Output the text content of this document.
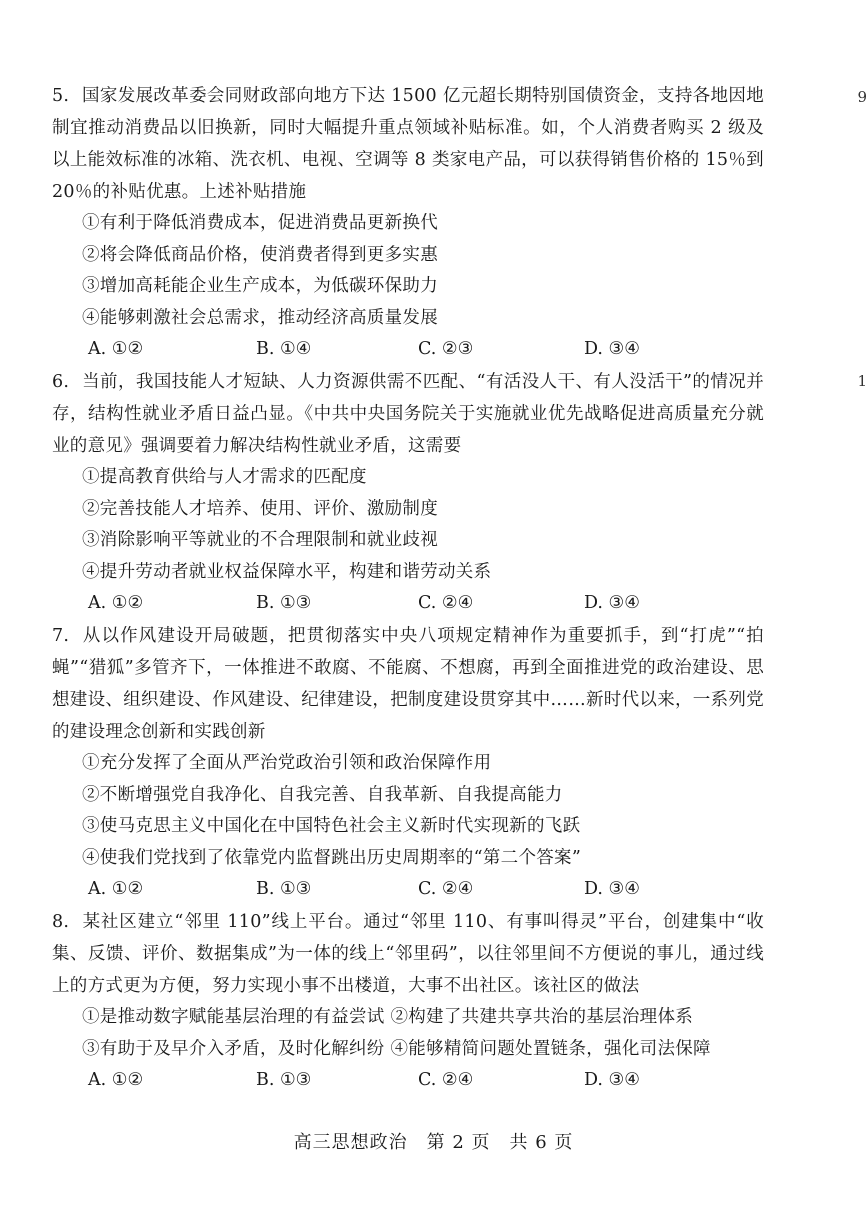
5. 国家发展改革委会同财政部向地方下达 1500 亿元超长期特别国债资金，支持各地因地制宜推动消费品以旧换新，同时大幅提升重点领域补贴标准。如，个人消费者购买 2 级及以上能效标准的冰箱、洗衣机、电视、空调等 8 类家电产品，可以获得销售价格的 15％到 20％的补贴优惠。上述补贴措施

①有利于降低消费成本，促进消费品更新换代

②将会降低商品价格，使消费者得到更多实惠

③增加高耗能企业生产成本，为低碳环保助力

④能够刺激社会总需求，推动经济高质量发展

A. ①②	B. ①④	C. ②③	D. ③④

6. 当前，我国技能人才短缺、人力资源供需不匹配、“有活没人干、有人没活干”的情况并存，结构性就业矛盾日益凸显。《中共中央国务院关于实施就业优先战略促进高质量充分就业的意见》强调要着力解决结构性就业矛盾，这需要

①提高教育供给与人才需求的匹配度

②完善技能人才培养、使用、评价、激励制度

③消除影响平等就业的不合理限制和就业歧视

④提升劳动者就业权益保障水平，构建和谐劳动关系

A. ①②	B. ①③	C. ②④	D. ③④

7. 从以作风建设开局破题，把贯彻落实中央八项规定精神作为重要抓手，到“打虎”“拍蝇”“猎狐”多管齐下，一体推进不敢腐、不能腐、不想腐，再到全面推进党的政治建设、思想建设、组织建设、作风建设、纪律建设，把制度建设贯穿其中……新时代以来，一系列党的建设理念创新和实践创新

①充分发挥了全面从严治党政治引领和政治保障作用

②不断增强党自我净化、自我完善、自我革新、自我提高能力

③使马克思主义中国化在中国特色社会主义新时代实现新的飞跃

④使我们党找到了依靠党内监督跳出历史周期率的“第二个答案”

A. ①②	B. ①③	C. ②④	D. ③④

8. 某社区建立“邻里 110”线上平台。通过“邻里 110、有事叫得灵”平台，创建集中“收集、反馈、评价、数据集成”为一体的线上“邻里码”，以往邻里间不方便说的事儿，通过线上的方式更为方便，努力实现小事不出楼道，大事不出社区。该社区的做法

①是推动数字赋能基层治理的有益尝试 ②构建了共建共享共治的基层治理体系

③有助于及早介入矛盾，及时化解纠纷 ④能够精简问题处置链条，强化司法保障

A. ①②	B. ①③	C. ②④	D. ③④
高三思想政治　第 2 页　共 6 页
9
1
